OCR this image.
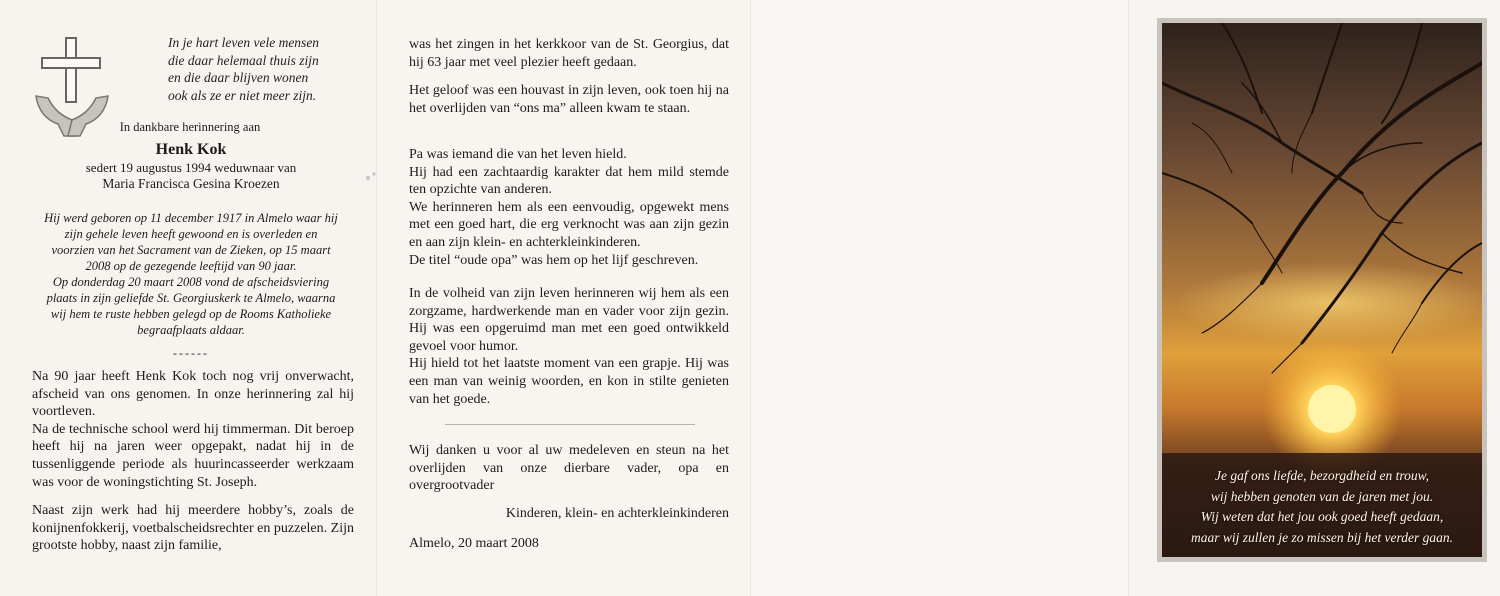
In je hart leven vele mensen
die daar helemaal thuis zijn
en die daar blijven wonen
ook als ze er niet meer zijn.
In dankbare herinnering aan
Henk Kok
sedert 19 augustus 1994 weduwnaar van
Maria Francisca Gesina Kroezen
Hij werd geboren op 11 december 1917 in Almelo waar hij
zijn gehele leven heeft gewoond en is overleden en
voorzien van het Sacrament van de Zieken, op 15 maart
2008 op de gezegende leeftijd van 90 jaar.
Op donderdag 20 maart 2008 vond de afscheidsviering
plaats in zijn geliefde St. Georgiuskerk te Almelo, waarna
wij hem te ruste hebben gelegd op de Rooms Katholieke
begraafplaats aldaar.
------

Na 90 jaar heeft Henk Kok toch nog vrij onverwacht, afscheid van ons genomen. In onze herinnering zal hij voortleven.
Na de technische school werd hij timmerman. Dit beroep heeft hij na jaren weer opgepakt, nadat hij in de tussenliggende periode als huurincasseerder werkzaam was voor de woningstichting St. Joseph.

Naast zijn werk had hij meerdere hobby’s, zoals de konijnenfokkerij, voetbalscheidsrechter en puzzelen. Zijn grootste hobby, naast zijn familie,

was het zingen in het kerkkoor van de St. Georgius, dat hij 63 jaar met veel plezier heeft gedaan.

Het geloof was een houvast in zijn leven, ook toen hij na het overlijden van “ons ma” alleen kwam te staan.

Pa was iemand die van het leven hield.
Hij had een zachtaardig karakter dat hem mild stemde ten opzichte van anderen.
We herinneren hem als een eenvoudig, opgewekt mens met een goed hart, die erg verknocht was aan zijn gezin en aan zijn klein- en achterkleinkinderen.
De titel “oude opa” was hem op het lijf geschreven.

In de volheid van zijn leven herinneren wij hem als een zorgzame, hardwerkende man en vader voor zijn gezin. Hij was een opgeruimd man met een goed ontwikkeld gevoel voor humor.
Hij hield tot het laatste moment van een grapje. Hij was een man van weinig woorden, en kon in stilte genieten van het goede.

Wij danken u voor al uw medeleven en steun na het overlijden van onze dierbare vader, opa en overgrootvader

Kinderen, klein- en achterkleinkinderen
Almelo, 20 maart 2008
Je gaf ons liefde, bezorgdheid en trouw,
wij hebben genoten van de jaren met jou.
Wij weten dat het jou ook goed heeft gedaan,
maar wij zullen je zo missen bij het verder gaan.
